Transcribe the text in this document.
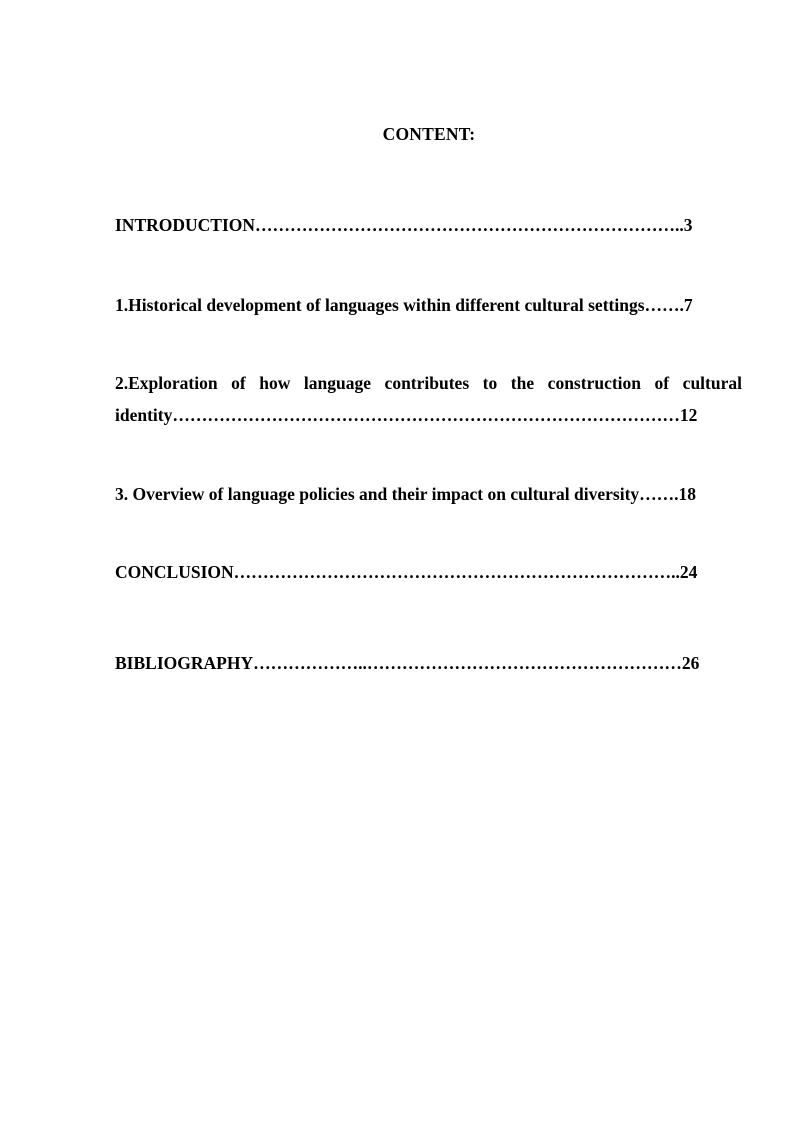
CONTENT:
INTRODUCTION………………………………………………………………..3
1.Historical development of languages within different cultural settings…….7
2.Exploration of how language contributes to the construction of cultural
identity……………………………………………………………………………12
3. Overview of language policies and their impact on cultural diversity…….18
CONCLUSION…………………………………………………………………..24
BIBLIOGRAPHY………………..………………………………………………26
